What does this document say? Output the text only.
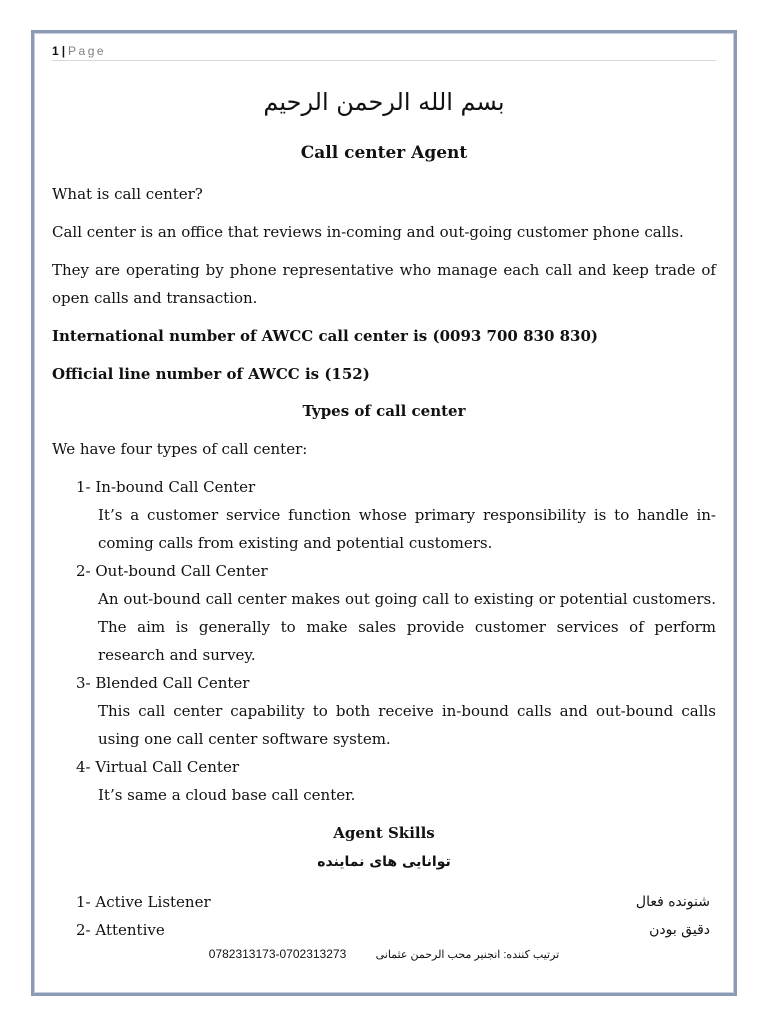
1 | Page
بسم الله الرحمن الرحیم
Call center Agent
What is call center?
Call center is an office that reviews in-coming and out-going customer phone calls.
They are operating by phone representative who manage each call and keep trade of open calls and transaction.
International number of AWCC call center is (0093 700 830 830)
Official line number of AWCC is (152)
Types of call center
We have four types of call center:
1- In-bound Call Center
It’s a customer service function whose primary responsibility is to handle in-coming calls from existing and potential customers.
2- Out-bound Call Center
An out-bound call center makes out going call to existing or potential customers. The aim is generally to make sales provide customer services of perform research and survey.
3- Blended Call Center
This call center capability to both receive in-bound calls and out-bound calls using one call center software system.
4- Virtual Call Center
It’s same a cloud base call center.
Agent Skills
توانایی های نماینده
1- Active Listener	شنونده فعال
2- Attentive	دقیق بودن
0782313173-0702313273	ترتیب کننده: انجنیر محب الرحمن عثمانی
